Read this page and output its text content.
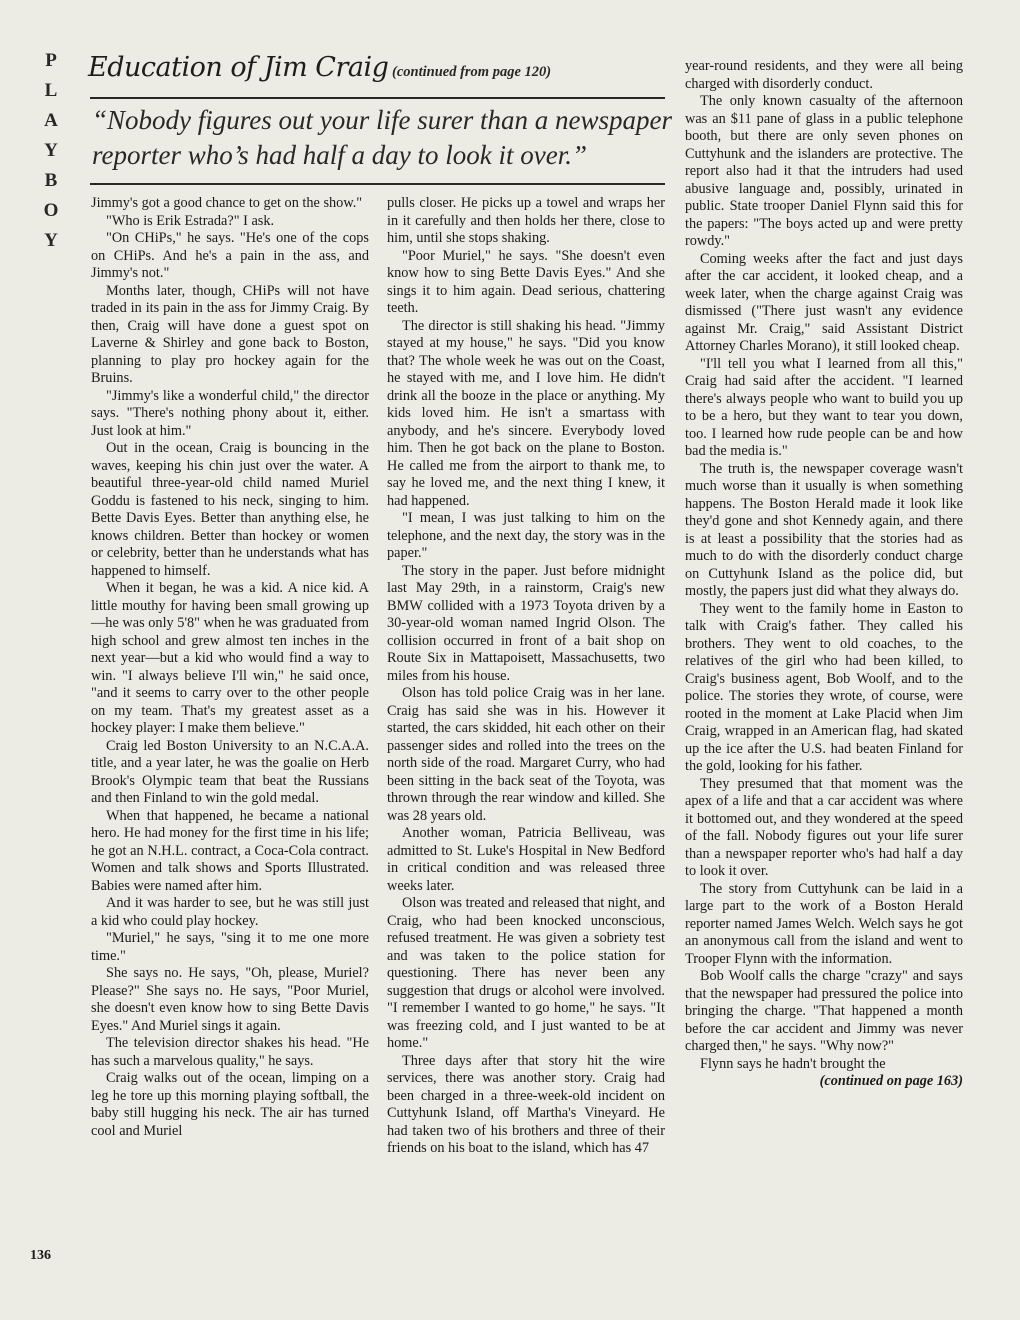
P
L
A
Y
B
O
Y
Education of Jim Craig (continued from page 120)
“Nobody figures out your life surer than a newspaper reporter who’s had half a day to look it over.”

Jimmy's got a good chance to get on the show."

"Who is Erik Estrada?" I ask.

"On CHiPs," he says. "He's one of the cops on CHiPs. And he's a pain in the ass, and Jimmy's not."

Months later, though, CHiPs will not have traded in its pain in the ass for Jimmy Craig. By then, Craig will have done a guest spot on Laverne & Shirley and gone back to Boston, planning to play pro hockey again for the Bruins.

"Jimmy's like a wonderful child," the director says. "There's nothing phony about it, either. Just look at him."

Out in the ocean, Craig is bouncing in the waves, keeping his chin just over the water. A beautiful three-year-old child named Muriel Goddu is fastened to his neck, singing to him. Bette Davis Eyes. Better than anything else, he knows children. Better than hockey or women or celebrity, better than he understands what has happened to himself.

When it began, he was a kid. A nice kid. A little mouthy for having been small growing up—he was only 5'8" when he was graduated from high school and grew almost ten inches in the next year—but a kid who would find a way to win. "I always believe I'll win," he said once, "and it seems to carry over to the other people on my team. That's my greatest asset as a hockey player: I make them believe."

Craig led Boston University to an N.C.A.A. title, and a year later, he was the goalie on Herb Brook's Olympic team that beat the Russians and then Finland to win the gold medal.

When that happened, he became a national hero. He had money for the first time in his life; he got an N.H.L. contract, a Coca-Cola contract. Women and talk shows and Sports Illustrated. Babies were named after him.

And it was harder to see, but he was still just a kid who could play hockey.

"Muriel," he says, "sing it to me one more time."

She says no. He says, "Oh, please, Muriel? Please?" She says no. He says, "Poor Muriel, she doesn't even know how to sing Bette Davis Eyes." And Muriel sings it again.

The television director shakes his head. "He has such a marvelous quality," he says.

Craig walks out of the ocean, limping on a leg he tore up this morning playing softball, the baby still hugging his neck. The air has turned cool and Muriel

pulls closer. He picks up a towel and wraps her in it carefully and then holds her there, close to him, until she stops shaking.

"Poor Muriel," he says. "She doesn't even know how to sing Bette Davis Eyes." And she sings it to him again. Dead serious, chattering teeth.

The director is still shaking his head. "Jimmy stayed at my house," he says. "Did you know that? The whole week he was out on the Coast, he stayed with me, and I love him. He didn't drink all the booze in the place or anything. My kids loved him. He isn't a smartass with anybody, and he's sincere. Everybody loved him. Then he got back on the plane to Boston. He called me from the airport to thank me, to say he loved me, and the next thing I knew, it had happened.

"I mean, I was just talking to him on the telephone, and the next day, the story was in the paper."

The story in the paper. Just before midnight last May 29th, in a rainstorm, Craig's new BMW collided with a 1973 Toyota driven by a 30-year-old woman named Ingrid Olson. The collision occurred in front of a bait shop on Route Six in Mattapoisett, Massachusetts, two miles from his house.

Olson has told police Craig was in her lane. Craig has said she was in his. However it started, the cars skidded, hit each other on their passenger sides and rolled into the trees on the north side of the road. Margaret Curry, who had been sitting in the back seat of the Toyota, was thrown through the rear window and killed. She was 28 years old.

Another woman, Patricia Belliveau, was admitted to St. Luke's Hospital in New Bedford in critical condition and was released three weeks later.

Olson was treated and released that night, and Craig, who had been knocked unconscious, refused treatment. He was given a sobriety test and was taken to the police station for questioning. There has never been any suggestion that drugs or alcohol were involved. "I remember I wanted to go home," he says. "It was freezing cold, and I just wanted to be at home."

Three days after that story hit the wire services, there was another story. Craig had been charged in a three-week-old incident on Cuttyhunk Island, off Martha's Vineyard. He had taken two of his brothers and three of their friends on his boat to the island, which has 47

year-round residents, and they were all being charged with disorderly conduct.

The only known casualty of the afternoon was an $11 pane of glass in a public telephone booth, but there are only seven phones on Cuttyhunk and the islanders are protective. The report also had it that the intruders had used abusive language and, possibly, urinated in public. State trooper Daniel Flynn said this for the papers: "The boys acted up and were pretty rowdy."

Coming weeks after the fact and just days after the car accident, it looked cheap, and a week later, when the charge against Craig was dismissed ("There just wasn't any evidence against Mr. Craig," said Assistant District Attorney Charles Morano), it still looked cheap.

"I'll tell you what I learned from all this," Craig had said after the accident. "I learned there's always people who want to build you up to be a hero, but they want to tear you down, too. I learned how rude people can be and how bad the media is."

The truth is, the newspaper coverage wasn't much worse than it usually is when something happens. The Boston Herald made it look like they'd gone and shot Kennedy again, and there is at least a possibility that the stories had as much to do with the disorderly conduct charge on Cuttyhunk Island as the police did, but mostly, the papers just did what they always do.

They went to the family home in Easton to talk with Craig's father. They called his brothers. They went to old coaches, to the relatives of the girl who had been killed, to Craig's business agent, Bob Woolf, and to the police. The stories they wrote, of course, were rooted in the moment at Lake Placid when Jim Craig, wrapped in an American flag, had skated up the ice after the U.S. had beaten Finland for the gold, looking for his father.

They presumed that that moment was the apex of a life and that a car accident was where it bottomed out, and they wondered at the speed of the fall. Nobody figures out your life surer than a newspaper reporter who's had half a day to look it over.

The story from Cuttyhunk can be laid in a large part to the work of a Boston Herald reporter named James Welch. Welch says he got an anonymous call from the island and went to Trooper Flynn with the information.

Bob Woolf calls the charge "crazy" and says that the newspaper had pressured the police into bringing the charge. "That happened a month before the car accident and Jimmy was never charged then," he says. "Why now?"

Flynn says he hadn't brought the

(continued on page 163)

136
